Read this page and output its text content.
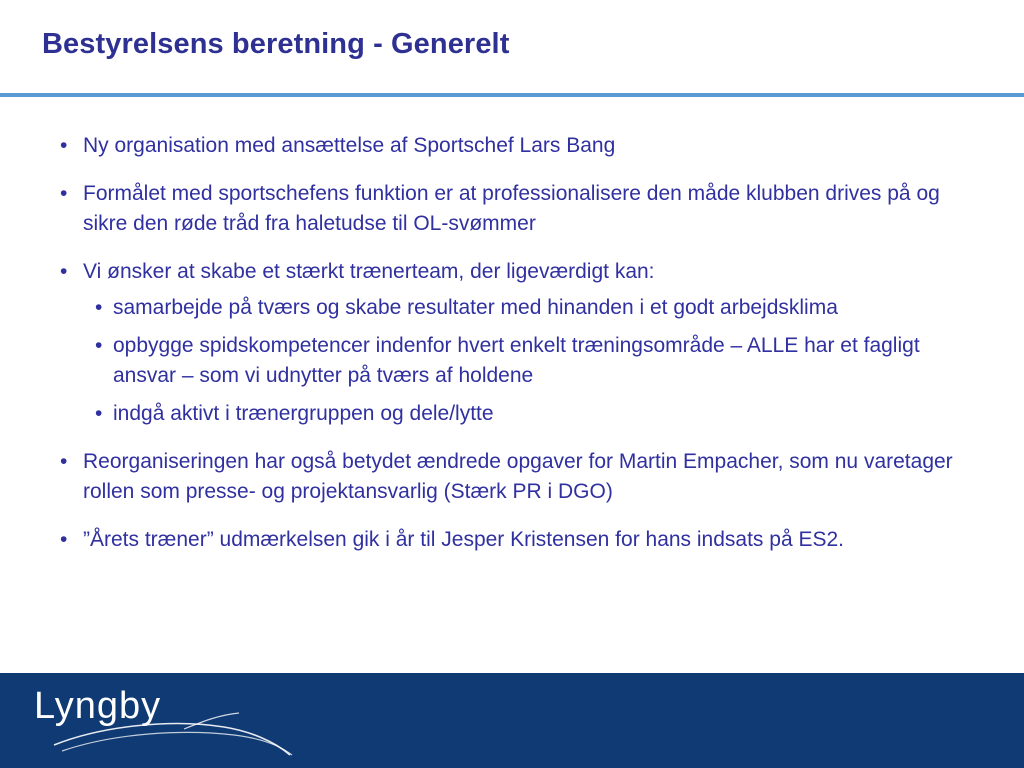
Bestyrelsens beretning - Generelt
• Ny organisation med ansættelse af Sportschef Lars Bang
• Formålet med sportschefens funktion er at professionalisere den måde klubben drives på og sikre den røde tråd fra haletudse til OL-svømmer
• Vi ønsker at skabe et stærkt trænerteam, der ligeværdigt kan:
• samarbejde på tværs og skabe resultater med hinanden i et godt arbejdsklima
• opbygge spidskompetencer indenfor hvert enkelt træningsområde – ALLE har et fagligt ansvar – som vi udnytter på tværs af holdene
• indgå aktivt i trænergruppen og dele/lytte
• Reorganiseringen har også betydet ændrede opgaver for Martin Empacher, som nu varetager rollen som presse- og projektansvarlig (Stærk PR i DGO)
• ”Årets træner” udmærkelsen gik i år til Jesper Kristensen for hans indsats på ES2.
Lyngby
